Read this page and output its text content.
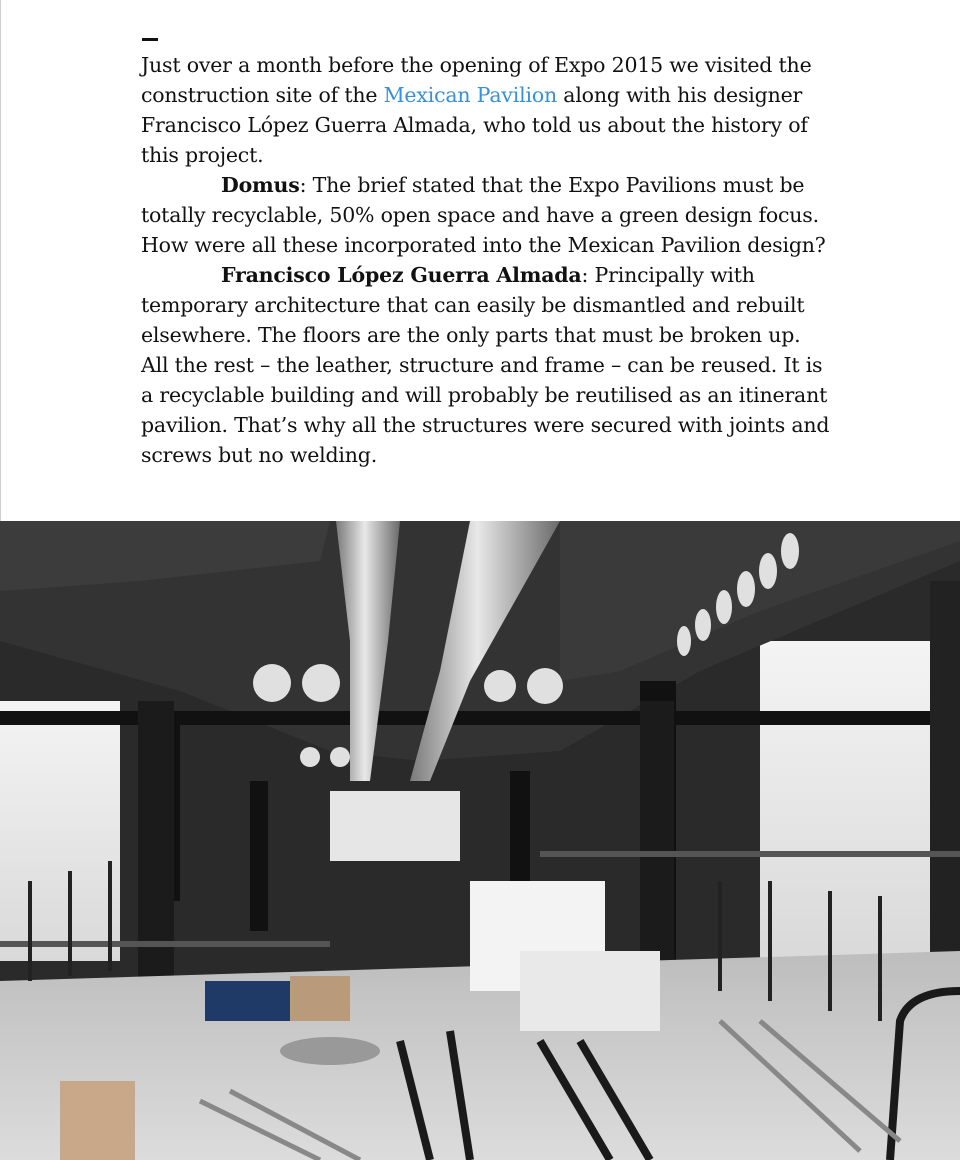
Just over a month before the opening of Expo 2015 we visited the construction site of the Mexican Pavilion along with his designer Francisco López Guerra Almada, who told us about the history of this project.

Domus: The brief stated that the Expo Pavilions must be totally recyclable, 50% open space and have a green design focus. How were all these incorporated into the Mexican Pavilion design?

Francisco López Guerra Almada: Principally with temporary architecture that can easily be dismantled and rebuilt elsewhere. The floors are the only parts that must be broken up. All the rest – the leather, structure and frame – can be reused. It is a recyclable building and will probably be reutilised as an itinerant pavilion. That’s why all the structures were secured with joints and screws but no welding.
